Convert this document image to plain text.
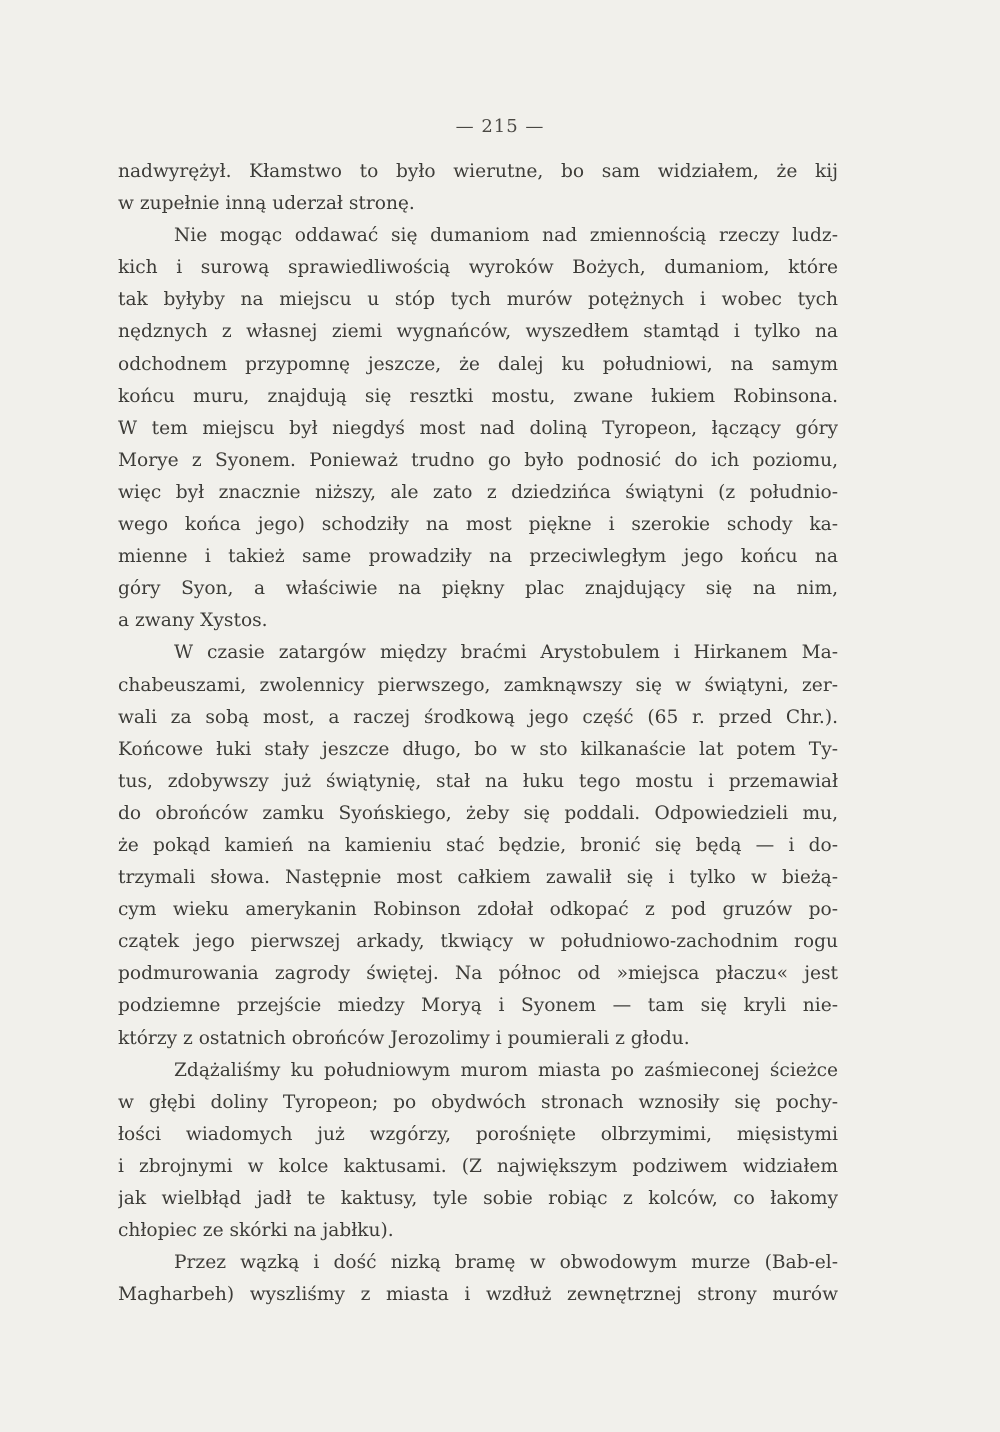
— 215 —
nadwyrężył. Kłamstwo to było wierutne, bo sam widziałem, że kij
w zupełnie inną uderzał stronę.
Nie mogąc oddawać się dumaniom nad zmiennością rzeczy ludz-
kich i surową sprawiedliwością wyroków Bożych, dumaniom, które
tak byłyby na miejscu u stóp tych murów potężnych i wobec tych
nędznych z własnej ziemi wygnańców, wyszedłem stamtąd i tylko na
odchodnem przypomnę jeszcze, że dalej ku południowi, na samym
końcu muru, znajdują się resztki mostu, zwane łukiem Robinsona.
W tem miejscu był niegdyś most nad doliną Tyropeon, łączący góry
Morye z Syonem. Ponieważ trudno go było podnosić do ich poziomu,
więc był znacznie niższy, ale zato z dziedzińca świątyni (z południo-
wego końca jego) schodziły na most piękne i szerokie schody ka-
mienne i takież same prowadziły na przeciwległym jego końcu na
góry Syon, a właściwie na piękny plac znajdujący się na nim,
a zwany Xystos.
W czasie zatargów między braćmi Arystobulem i Hirkanem Ma-
chabeuszami, zwolennicy pierwszego, zamknąwszy się w świątyni, zer-
wali za sobą most, a raczej środkową jego część (65 r. przed Chr.).
Końcowe łuki stały jeszcze długo, bo w sto kilkanaście lat potem Ty-
tus, zdobywszy już świątynię, stał na łuku tego mostu i przemawiał
do obrońców zamku Syońskiego, żeby się poddali. Odpowiedzieli mu,
że pokąd kamień na kamieniu stać będzie, bronić się będą — i do-
trzymali słowa. Następnie most całkiem zawalił się i tylko w bieżą-
cym wieku amerykanin Robinson zdołał odkopać z pod gruzów po-
czątek jego pierwszej arkady, tkwiący w południowo-zachodnim rogu
podmurowania zagrody świętej. Na północ od »miejsca płaczu« jest
podziemne przejście miedzy Moryą i Syonem — tam się kryli nie-
którzy z ostatnich obrońców Jerozolimy i poumierali z głodu.
Zdążaliśmy ku południowym murom miasta po zaśmieconej ścieżce
w głębi doliny Tyropeon; po obydwóch stronach wznosiły się pochy-
łości wiadomych już wzgórzy, porośnięte olbrzymimi, mięsistymi
i zbrojnymi w kolce kaktusami. (Z największym podziwem widziałem
jak wielbłąd jadł te kaktusy, tyle sobie robiąc z kolców, co łakomy
chłopiec ze skórki na jabłku).
Przez wązką i dość nizką bramę w obwodowym murze (Bab-el-
Magharbeh) wyszliśmy z miasta i wzdłuż zewnętrznej strony murów
